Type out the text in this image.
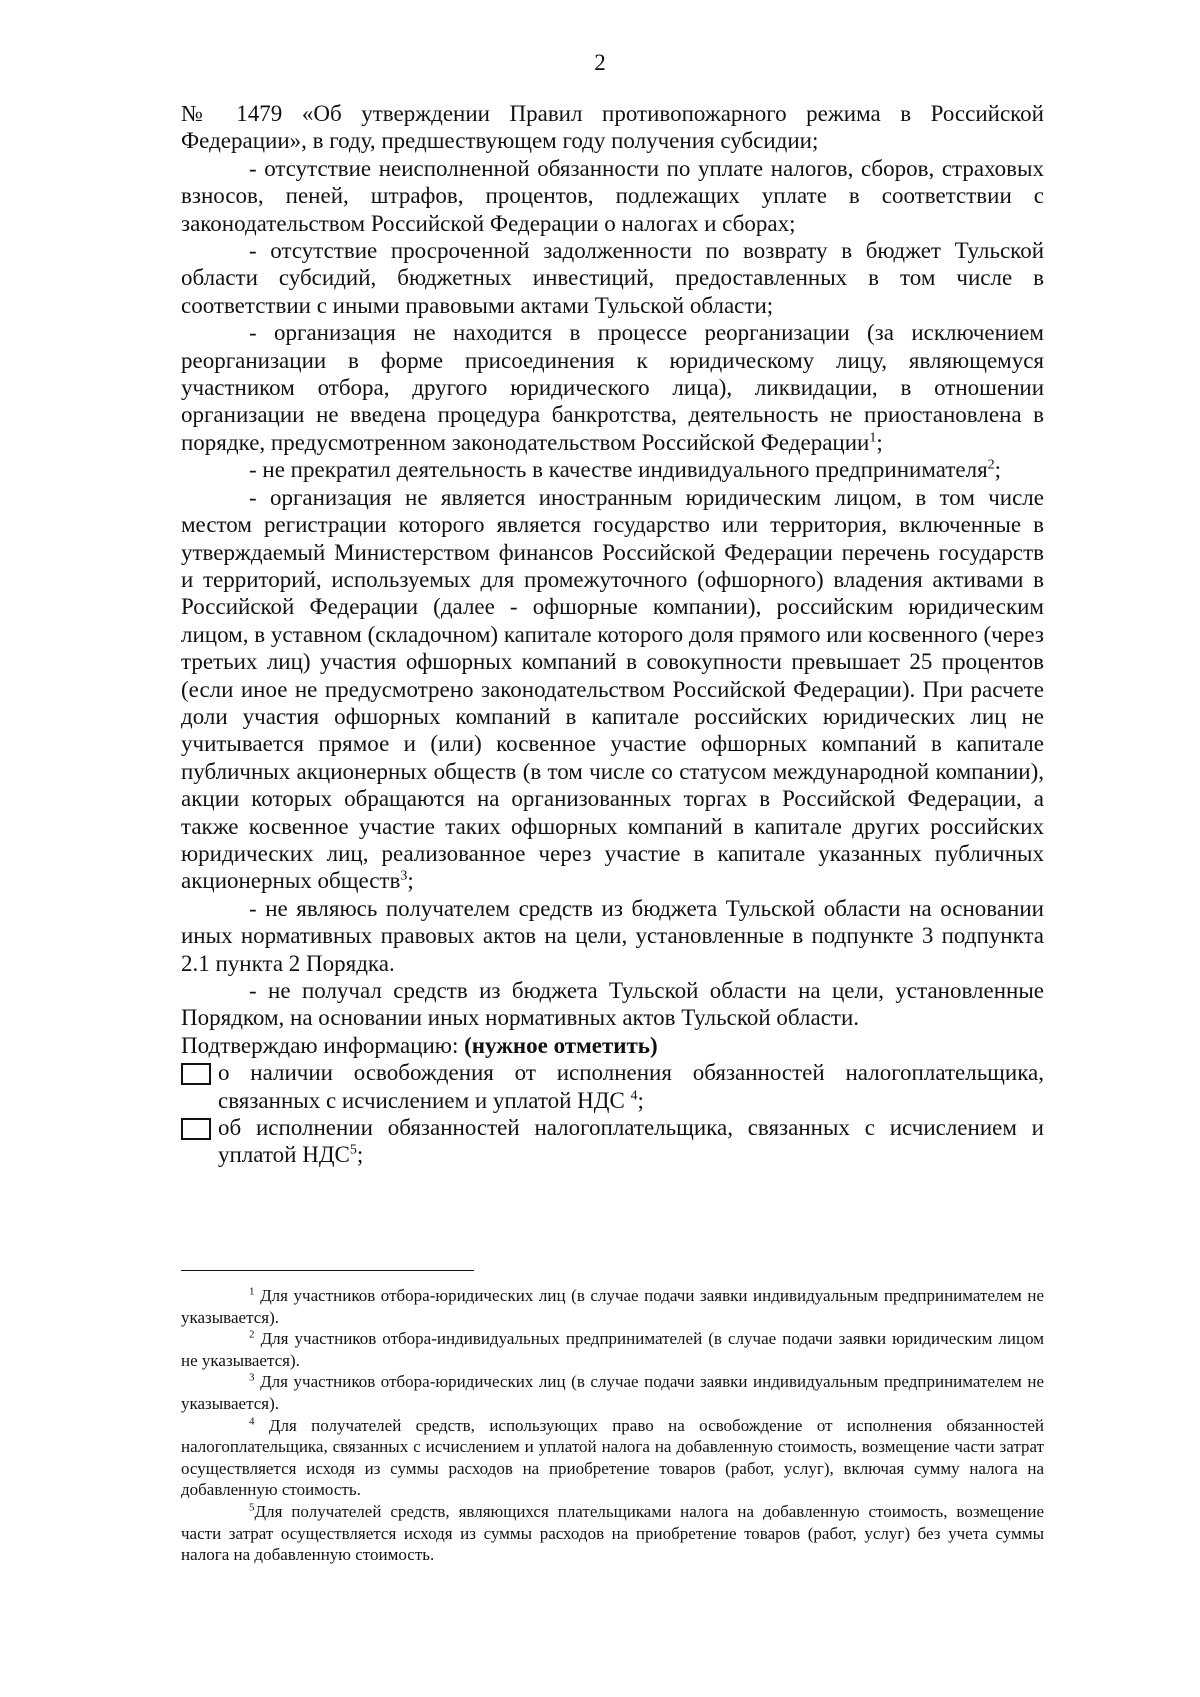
2

№ 1479 «Об утверждении Правил противопожарного режима в Российской Федерации», в году, предшествующем году получения субсидии;

- отсутствие неисполненной обязанности по уплате налогов, сборов, страховых взносов, пеней, штрафов, процентов, подлежащих уплате в соответствии с законодательством Российской Федерации о налогах и сборах;

- отсутствие просроченной задолженности по возврату в бюджет Тульской области субсидий, бюджетных инвестиций, предоставленных в том числе в соответствии с иными правовыми актами Тульской области;

- организация не находится в процессе реорганизации (за исключением реорганизации в форме присоединения к юридическому лицу, являющемуся участником отбора, другого юридического лица), ликвидации, в отношении организации не введена процедура банкротства, деятельность не приостановлена в порядке, предусмотренном законодательством Российской Федерации$^1$;

- не прекратил деятельность в качестве индивидуального предпринимателя$^2$;

- организация не является иностранным юридическим лицом, в том числе местом регистрации которого является государство или территория, включенные в утверждаемый Министерством финансов Российской Федерации перечень государств и территорий, используемых для промежуточного (офшорного) владения активами в Российской Федерации (далее - офшорные компании), российским юридическим лицом, в уставном (складочном) капитале которого доля прямого или косвенного (через третьих лиц) участия офшорных компаний в совокупности превышает 25 процентов (если иное не предусмотрено законодательством Российской Федерации). При расчете доли участия офшорных компаний в капитале российских юридических лиц не учитывается прямое и (или) косвенное участие офшорных компаний в капитале публичных акционерных обществ (в том числе со статусом международной компании), акции которых обращаются на организованных торгах в Российской Федерации, а также косвенное участие таких офшорных компаний в капитале других российских юридических лиц, реализованное через участие в капитале указанных публичных акционерных обществ$^3$;

- не являюсь получателем средств из бюджета Тульской области на основании иных нормативных правовых актов на цели, установленные в подпункте 3 подпункта 2.1 пункта 2 Порядка.

- не получал средств из бюджета Тульской области на цели, установленные Порядком, на основании иных нормативных актов Тульской области.

Подтверждаю информацию: (нужное отметить)

о наличии освобождения от исполнения обязанностей налогоплательщика, связанных с исчислением и уплатой НДС $^4$;

об исполнении обязанностей налогоплательщика, связанных с исчислением и уплатой НДС$^5$;

$^1$ Для участников отбора-юридических лиц (в случае подачи заявки индивидуальным предпринимателем не указывается).

$^2$ Для участников отбора-индивидуальных предпринимателей (в случае подачи заявки юридическим лицом не указывается).

$^3$ Для участников отбора-юридических лиц (в случае подачи заявки индивидуальным предпринимателем не указывается).

$^4$ Для получателей средств, использующих право на освобождение от исполнения обязанностей налогоплательщика, связанных с исчислением и уплатой налога на добавленную стоимость, возмещение части затрат осуществляется исходя из суммы расходов на приобретение товаров (работ, услуг), включая сумму налога на добавленную стоимость.

$^5$Для получателей средств, являющихся плательщиками налога на добавленную стоимость, возмещение части затрат осуществляется исходя из суммы расходов на приобретение товаров (работ, услуг) без учета суммы налога на добавленную стоимость.
